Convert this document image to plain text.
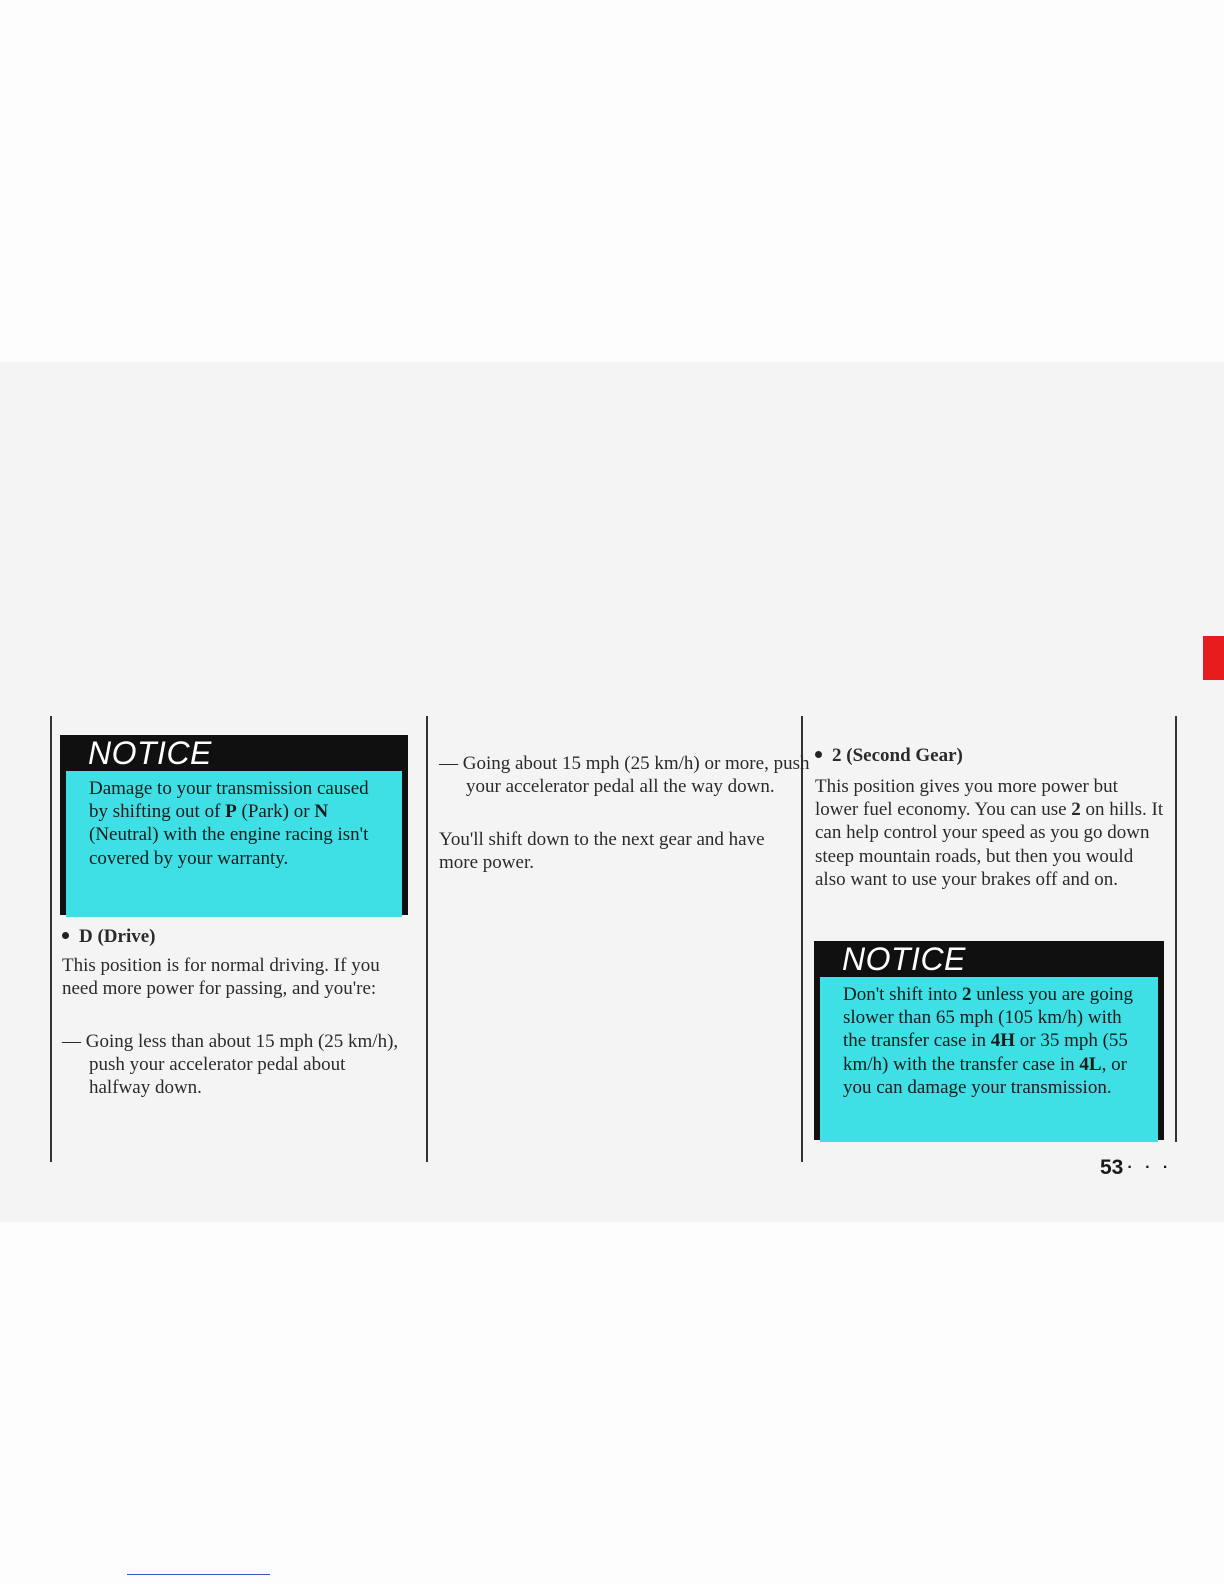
NOTICE
Damage to your transmission caused by shifting out of P (Park) or N (Neutral) with the engine racing isn't covered by your warranty.
D (Drive)
This position is for normal driving. If you need more power for passing, and you're:
— Going less than about 15 mph (25 km/h), push your accelerator pedal about halfway down.
— Going about 15 mph (25 km/h) or more, push your accelerator pedal all the way down.
You'll shift down to the next gear and have more power.
2 (Second Gear)
This position gives you more power but lower fuel economy. You can use 2 on hills. It can help control your speed as you go down steep mountain roads, but then you would also want to use your brakes off and on.
NOTICE
Don't shift into 2 unless you are going slower than 65 mph (105 km/h) with the transfer case in 4H or 35 mph (55 km/h) with the transfer case in 4L, or you can damage your transmission.
53 · · ·
